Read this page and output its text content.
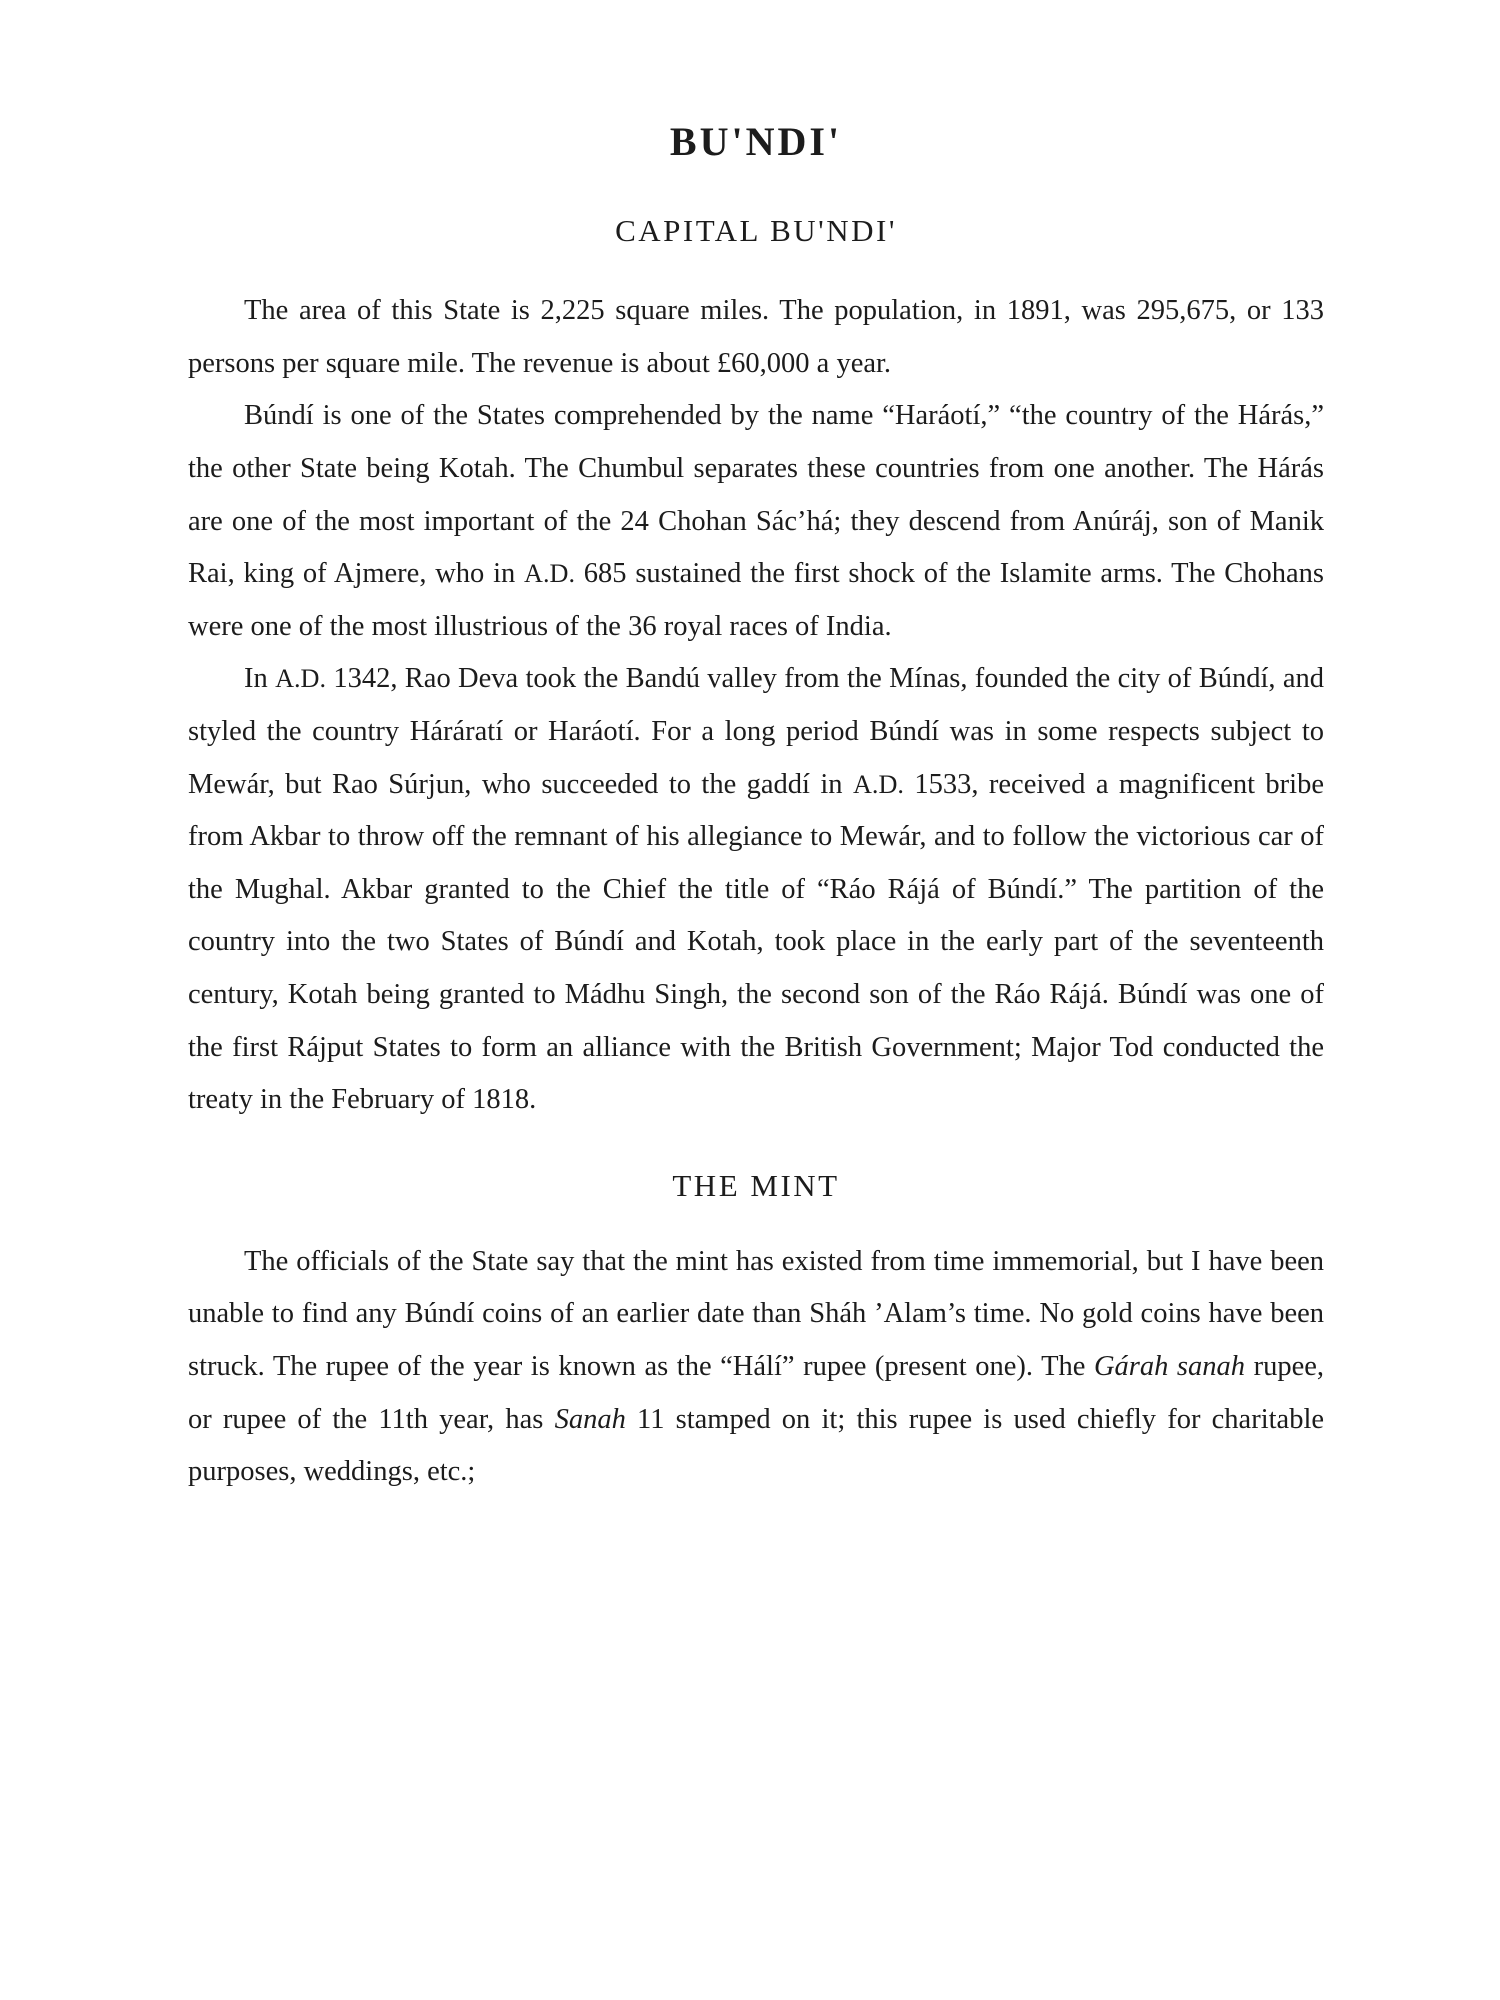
BU'NDI'
CAPITAL BU'NDI'

The area of this State is 2,225 square miles. The population, in 1891, was 295,675, or 133 persons per square mile. The revenue is about £60,000 a year.

Búndí is one of the States comprehended by the name “Haráotí,” “the country of the Hárás,” the other State being Kotah. The Chumbul separates these countries from one another. The Hárás are one of the most important of the 24 Chohan Sác’há; they descend from Anúráj, son of Manik Rai, king of Ajmere, who in A.D. 685 sustained the first shock of the Islamite arms. The Chohans were one of the most illustrious of the 36 royal races of India.

In A.D. 1342, Rao Deva took the Bandú valley from the Mínas, founded the city of Búndí, and styled the country Háráratí or Haráotí. For a long period Búndí was in some respects subject to Mewár, but Rao Súrjun, who succeeded to the gaddí in A.D. 1533, received a magnificent bribe from Akbar to throw off the remnant of his allegiance to Mewár, and to follow the victorious car of the Mughal. Akbar granted to the Chief the title of “Ráo Rájá of Búndí.” The partition of the country into the two States of Búndí and Kotah, took place in the early part of the seventeenth century, Kotah being granted to Mádhu Singh, the second son of the Ráo Rájá. Búndí was one of the first Rájput States to form an alliance with the British Government; Major Tod conducted the treaty in the February of 1818.

THE MINT

The officials of the State say that the mint has existed from time immemorial, but I have been unable to find any Búndí coins of an earlier date than Sháh ’Alam’s time. No gold coins have been struck. The rupee of the year is known as the “Hálí” rupee (present one). The Gárah sanah rupee, or rupee of the 11th year, has Sanah 11 stamped on it; this rupee is used chiefly for charitable purposes, weddings, etc.;
